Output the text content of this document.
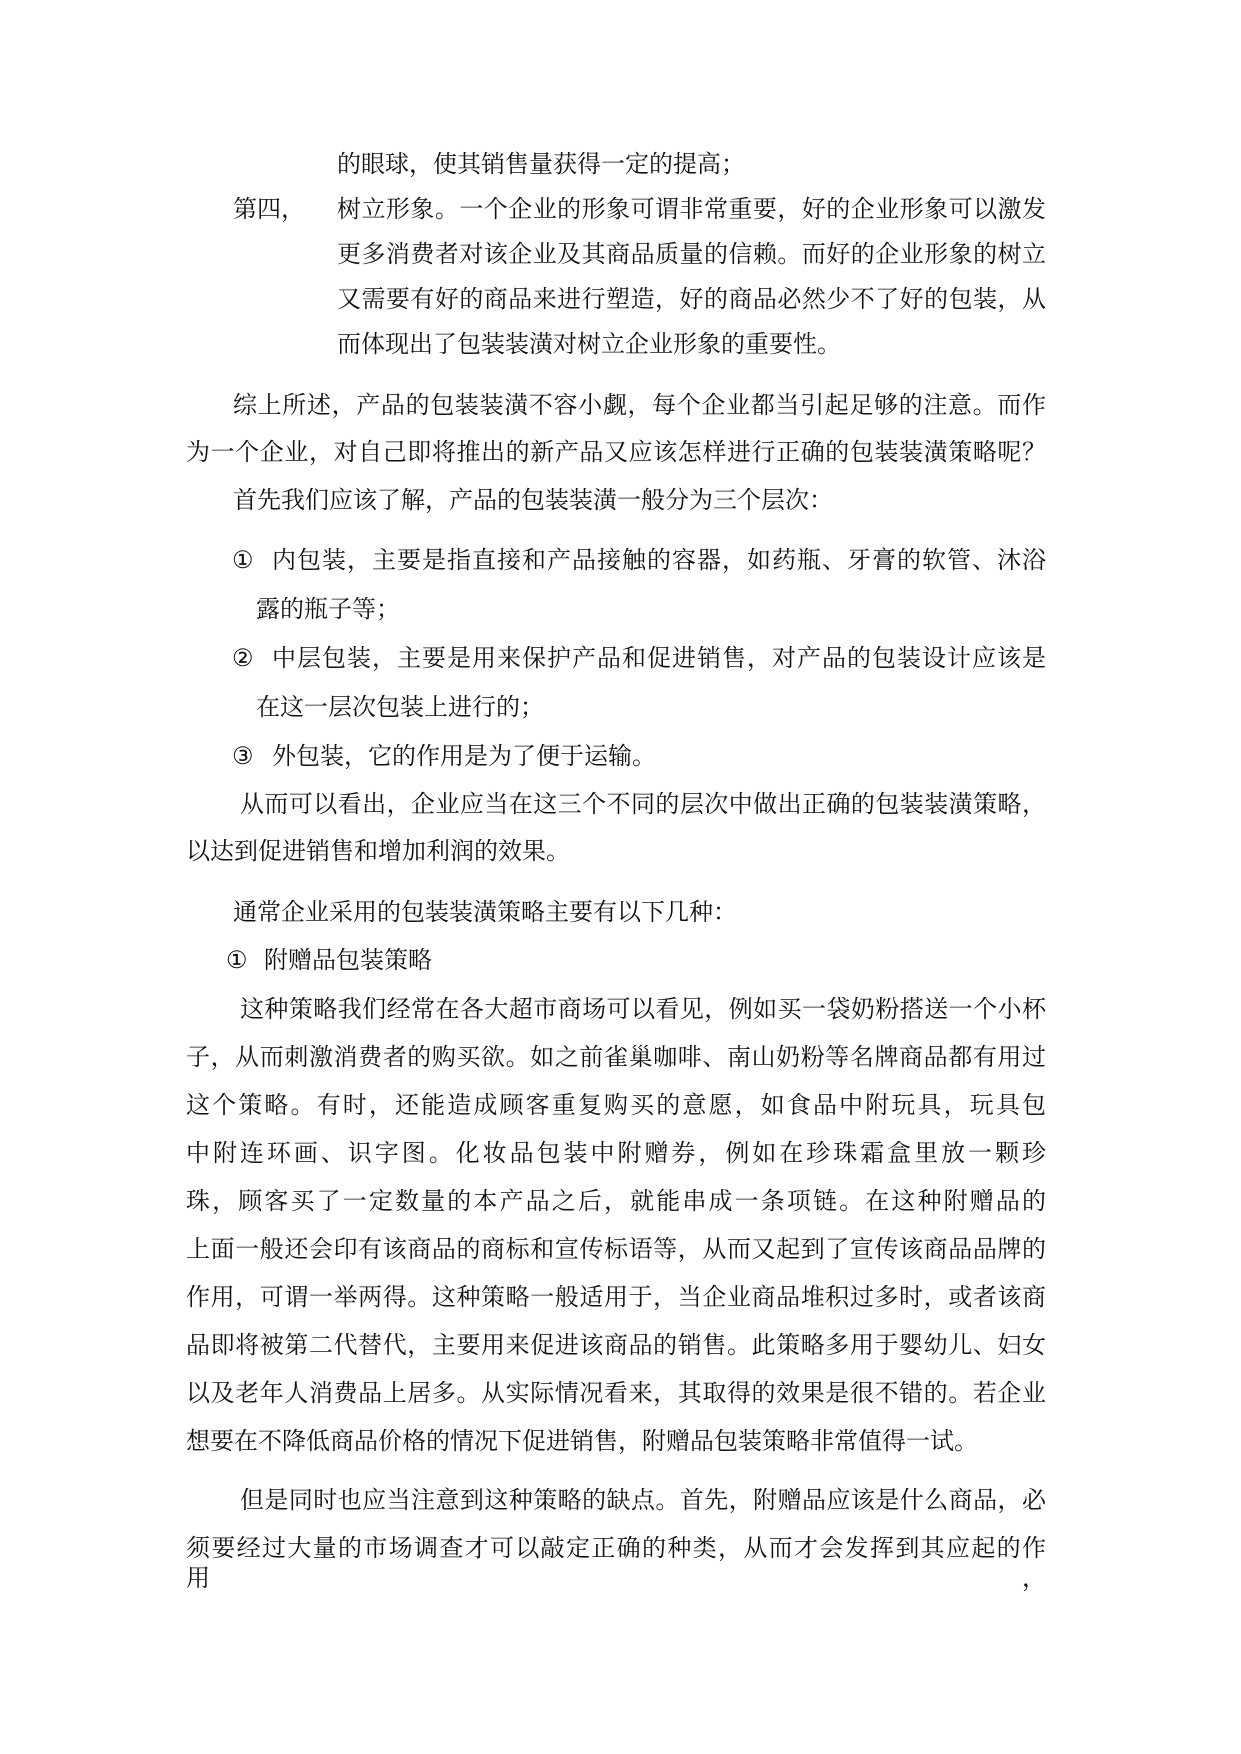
的眼球，使其销售量获得一定的提高；
第四， 树立形象。一个企业的形象可谓非常重要，好的企业形象可以激发
更多消费者对该企业及其商品质量的信赖。而好的企业形象的树立
又需要有好的商品来进行塑造，好的商品必然少不了好的包装，从
而体现出了包装装潢对树立企业形象的重要性。
综上所述，产品的包装装潢不容小觑，每个企业都当引起足够的注意。而作
为一个企业，对自己即将推出的新产品又应该怎样进行正确的包装装潢策略呢？
首先我们应该了解，产品的包装装潢一般分为三个层次：
① 内包装，主要是指直接和产品接触的容器，如药瓶、牙膏的软管、沐浴
露的瓶子等；
② 中层包装，主要是用来保护产品和促进销售，对产品的包装设计应该是
在这一层次包装上进行的；
③ 外包装，它的作用是为了便于运输。
从而可以看出，企业应当在这三个不同的层次中做出正确的包装装潢策略，
以达到促进销售和增加利润的效果。
通常企业采用的包装装潢策略主要有以下几种：
① 附赠品包装策略
这种策略我们经常在各大超市商场可以看见，例如买一袋奶粉搭送一个小杯
子，从而刺激消费者的购买欲。如之前雀巢咖啡、南山奶粉等名牌商品都有用过
这个策略。有时，还能造成顾客重复购买的意愿，如食品中附玩具，玩具包
中附连环画、识字图。化妆品包装中附赠券，例如在珍珠霜盒里放一颗珍
珠，顾客买了一定数量的本产品之后，就能串成一条项链。在这种附赠品的
上面一般还会印有该商品的商标和宣传标语等，从而又起到了宣传该商品品牌的
作用，可谓一举两得。这种策略一般适用于，当企业商品堆积过多时，或者该商
品即将被第二代替代，主要用来促进该商品的销售。此策略多用于婴幼儿、妇女
以及老年人消费品上居多。从实际情况看来，其取得的效果是很不错的。若企业
想要在不降低商品价格的情况下促进销售，附赠品包装策略非常值得一试。
但是同时也应当注意到这种策略的缺点。首先，附赠品应该是什么商品，必
须要经过大量的市场调查才可以敲定正确的种类，从而才会发挥到其应起的作用，
